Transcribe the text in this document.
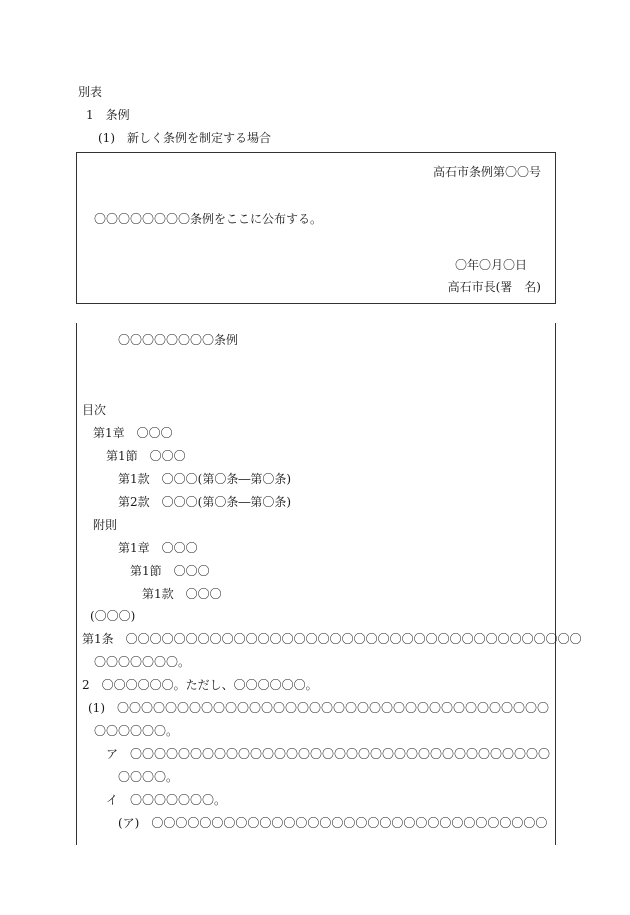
別表
1　条例
(1)　新しく条例を制定する場合
高石市条例第〇〇号
〇〇〇〇〇〇〇〇条例をここに公布する。
〇年〇月〇日
高石市長(署　名)
〇〇〇〇〇〇〇〇条例
目次
第1章　〇〇〇
第1節　〇〇〇
第1款　〇〇〇(第〇条―第〇条)
第2款　〇〇〇(第〇条―第〇条)
附則
第1章　〇〇〇
第1節　〇〇〇
第1款　〇〇〇
(〇〇〇)
第1条　〇〇〇〇〇〇〇〇〇〇〇〇〇〇〇〇〇〇〇〇〇〇〇〇〇〇〇〇〇〇〇〇〇〇〇〇〇〇
〇〇〇〇〇〇〇。
2　〇〇〇〇〇〇。ただし、〇〇〇〇〇〇。
(1)　〇〇〇〇〇〇〇〇〇〇〇〇〇〇〇〇〇〇〇〇〇〇〇〇〇〇〇〇〇〇〇〇〇〇〇〇
〇〇〇〇〇〇。
ア　〇〇〇〇〇〇〇〇〇〇〇〇〇〇〇〇〇〇〇〇〇〇〇〇〇〇〇〇〇〇〇〇〇〇〇
〇〇〇〇。
イ　〇〇〇〇〇〇〇。
(ア)　〇〇〇〇〇〇〇〇〇〇〇〇〇〇〇〇〇〇〇〇〇〇〇〇〇〇〇〇〇〇〇〇〇
